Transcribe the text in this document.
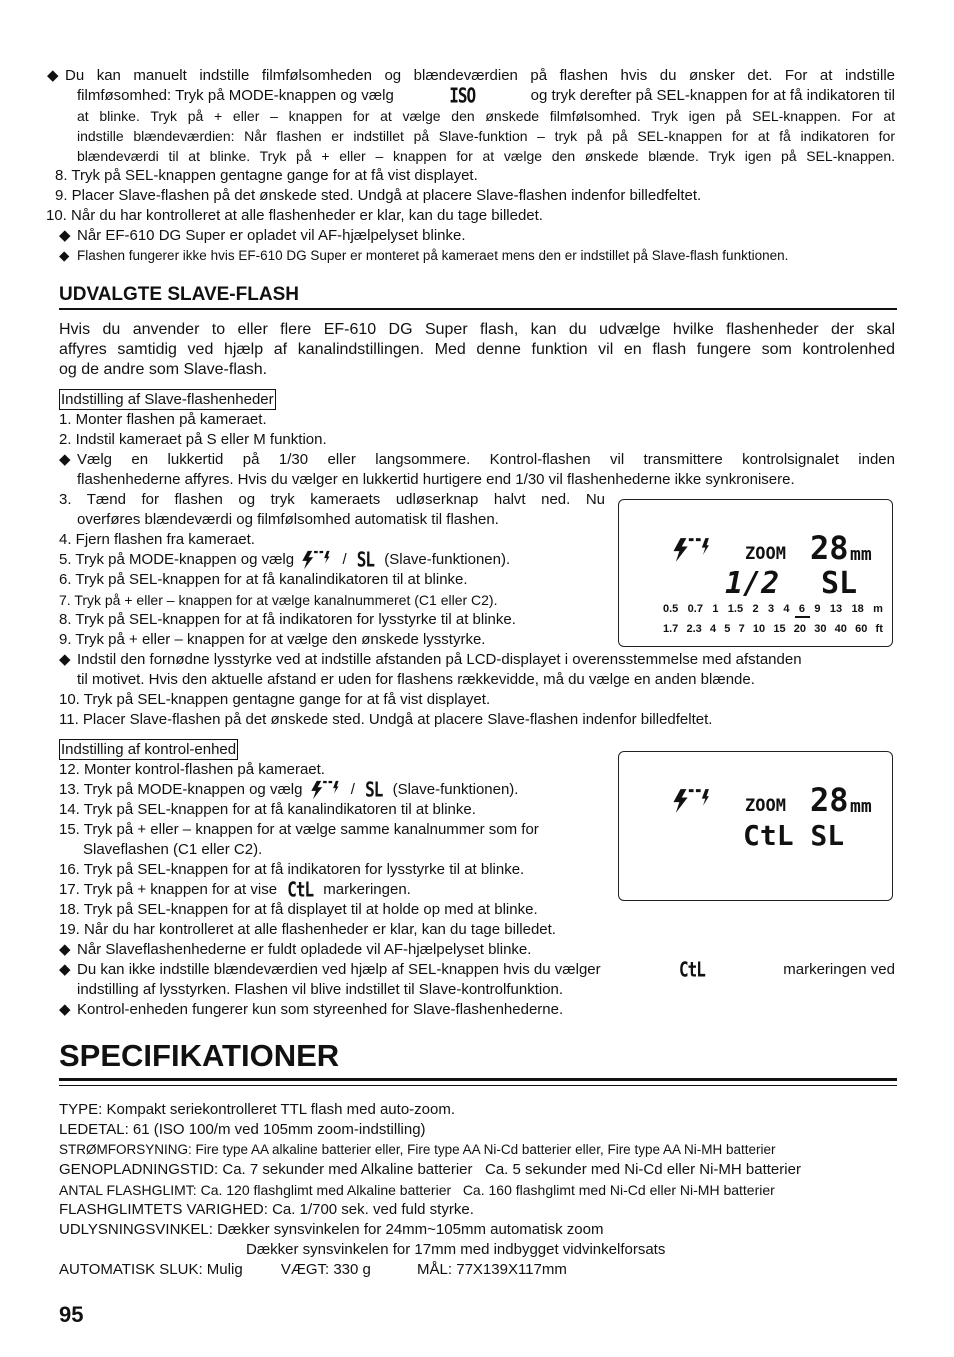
◆ Du kan manuelt indstille filmfølsomheden og blændeværdien på flashen hvis du ønsker det. For at indstille
filmføsomhed: Tryk på MODE-knappen og vælg	ISO	og tryk derefter på SEL-knappen for at få indikatoren til
at blinke. Tryk på + eller – knappen for at vælge den ønskede filmfølsomhed. Tryk igen på SEL-knappen. For at
indstille blændeværdien: Når flashen er indstillet på Slave-funktion – tryk på på SEL-knappen for at få indikatoren for
blændeværdi til at blinke. Tryk på + eller – knappen for at vælge den ønskede blænde. Tryk igen på SEL-knappen.
8. Tryk på SEL-knappen gentagne gange for at få vist displayet.
9. Placer Slave-flashen på det ønskede sted. Undgå at placere Slave-flashen indenfor billedfeltet.
10. Når du har kontrolleret at alle flashenheder er klar, kan du tage billedet.
◆ Når EF-610 DG Super er opladet vil AF-hjælpelyset blinke.
◆ Flashen fungerer ikke hvis EF-610 DG Super er monteret på kameraet mens den er indstillet på Slave-flash funktionen.
UDVALGTE SLAVE-FLASH
Hvis du anvender to eller flere EF-610 DG Super flash, kan du udvælge hvilke flashenheder der skal
affyres samtidig ved hjælp af kanalindstillingen. Med denne funktion vil en flash fungere som kontrolenhed
og de andre som Slave-flash.
Indstilling af Slave-flashenheder
1. Monter flashen på kameraet.
2. Indstil kameraet på S eller M funktion.
◆ Vælg en lukkertid på 1/30 eller langsommere. Kontrol-flashen vil transmittere kontrolsignalet inden
flashenhederne affyres. Hvis du vælger en lukkertid hurtigere end 1/30 vil flashenhederne ikke synkronisere.
3. Tænd for flashen og tryk kameraets udløserknap halvt ned. Nu
overføres blændeværdi og filmfølsomhed automatisk til flashen.
4. Fjern flashen fra kameraet.
5. Tryk på MODE-knappen og vælg	/ SL (Slave-funktionen).
6. Tryk på SEL-knappen for at få kanalindikatoren til at blinke.
7. Tryk på + eller – knappen for at vælge kanalnummeret (C1 eller C2).
8. Tryk på SEL-knappen for at få indikatoren for lysstyrke til at blinke.
9. Tryk på + eller – knappen for at vælge den ønskede lysstyrke.
◆ Indstil den fornødne lysstyrke ved at indstille afstanden på LCD-displayet i overensstemmelse med afstanden
til motivet. Hvis den aktuelle afstand er uden for flashens rækkevidde, må du vælge en anden blænde.
10. Tryk på SEL-knappen gentagne gange for at få vist displayet.
11. Placer Slave-flashen på det ønskede sted. Undgå at placere Slave-flashen indenfor billedfeltet.
Indstilling af kontrol-enhed
12. Monter kontrol-flashen på kameraet.
13. Tryk på MODE-knappen og vælg	/ SL (Slave-funktionen).
14. Tryk på SEL-knappen for at få kanalindikatoren til at blinke.
15. Tryk på + eller – knappen for at vælge samme kanalnummer som for
Slaveflashen (C1 eller C2).
16. Tryk på SEL-knappen for at få indikatoren for lysstyrke til at blinke.
17. Tryk på + knappen for at vise CtL markeringen.
18. Tryk på SEL-knappen for at få displayet til at holde op med at blinke.
19. Når du har kontrolleret at alle flashenheder er klar, kan du tage billedet.
◆ Når Slaveflashenhederne er fuldt opladede vil AF-hjælpelyset blinke.
◆ Du kan ikke indstille blændeværdien ved hjælp af SEL-knappen hvis du vælger	CtL	markeringen ved
indstilling af lysstyrken. Flashen vil blive indstillet til Slave-kontrolfunktion.
◆ Kontrol-enheden fungerer kun som styreenhed for Slave-flashenhederne.
SPECIFIKATIONER
TYPE: Kompakt seriekontrolleret TTL flash med auto-zoom.
LEDETAL: 61 (ISO 100/m ved 105mm zoom-indstilling)
STRØMFORSYNING: Fire type AA alkaline batterier eller, Fire type AA Ni-Cd batterier eller, Fire type AA Ni-MH batterier
GENOPLADNINGSTID: Ca. 7 sekunder med Alkaline batterier   Ca. 5 sekunder med Ni-Cd eller Ni-MH batterier
ANTAL FLASHGLIMT: Ca. 120 flashglimt med Alkaline batterier   Ca. 160 flashglimt med Ni-Cd eller Ni-MH batterier
FLASHGLIMTETS VARIGHED: Ca. 1/700 sek. ved fuld styrke.
UDLYSNINGSVINKEL: Dækker synsvinkelen for 24mm~105mm automatisk zoom
Dækker synsvinkelen for 17mm med indbygget vidvinkelforsats
AUTOMATISK SLUK: Mulig	VÆGT: 330 g	MÅL: 77X139X117mm
ZOOM 28 mm
1/2 SL
0.5 0.7 1 1.5 2 3 4 6 9 13 18 m
1.7 2.3 4 5 7 10 15 20 30 40 60 ft
ZOOM 28 mm
CtL SL
95
